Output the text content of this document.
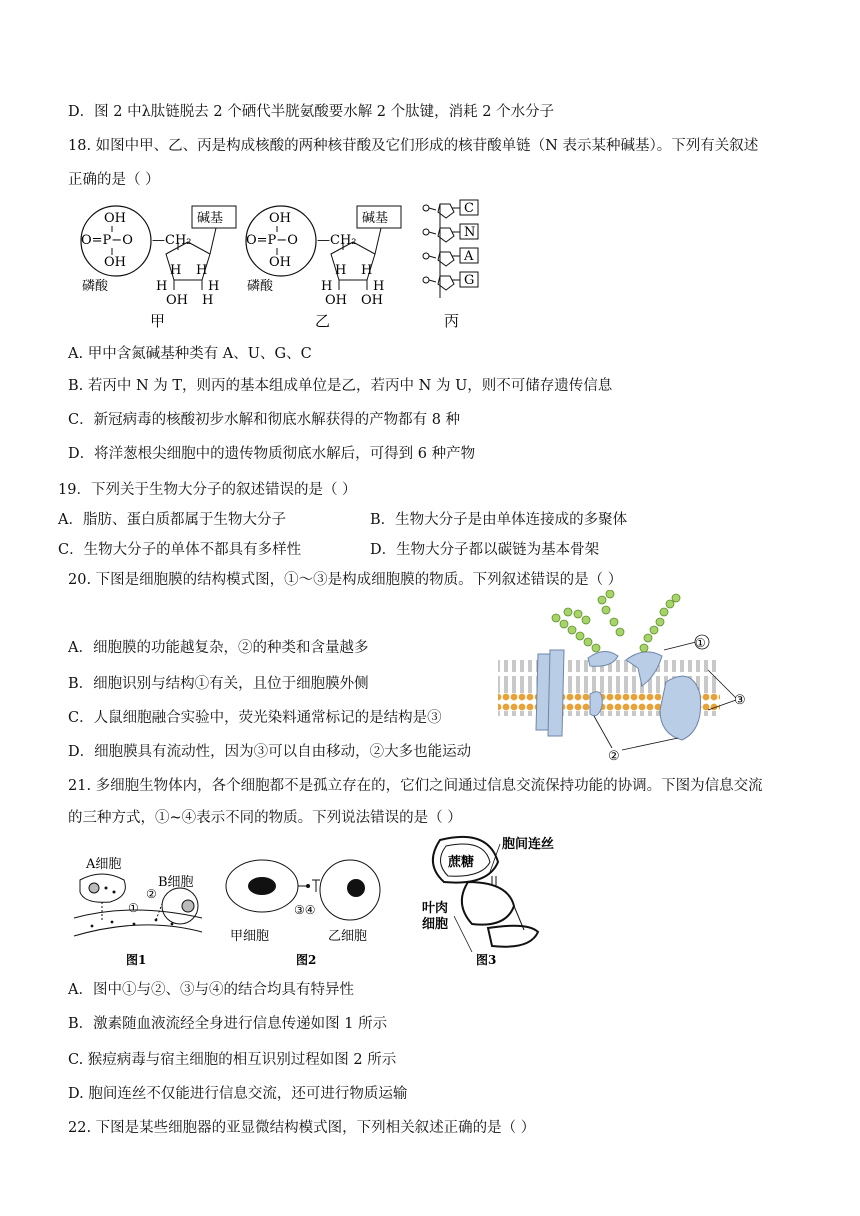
D．图 2 中λ肽链脱去 2 个硒代半胱氨酸要水解 2 个肽键，消耗 2 个水分子
18. 如图中甲、乙、丙是构成核酸的两种核苷酸及它们形成的核苷酸单链（N 表示某种碱基）。下列有关叙述
正确的是（ ）
OH
O=P−O
OH
—CH₂
碱基
H H
H	H
OH H
磷酸
甲
OH
O=P−O
OH
—CH₂
碱基
H H
H	H
OH OH
磷酸
乙
C
N
A
G
丙
A. 甲中含氮碱基种类有 A、U、G、C
B. 若丙中 N 为 T，则丙的基本组成单位是乙，若丙中 N 为 U，则不可储存遗传信息
C．新冠病毒的核酸初步水解和彻底水解获得的产物都有 8 种
D．将洋葱根尖细胞中的遗传物质彻底水解后，可得到 6 种产物
19．下列关于生物大分子的叙述错误的是（ ）
A．脂肪、蛋白质都属于生物大分子	B．生物大分子是由单体连接成的多聚体
C．生物大分子的单体不都具有多样性	D．生物大分子都以碳链为基本骨架
20. 下图是细胞膜的结构模式图，①～③是构成细胞膜的物质。下列叙述错误的是（ ）
A．细胞膜的功能越复杂，②的种类和含量越多
B．细胞识别与结构①有关，且位于细胞膜外侧
C．人鼠细胞融合实验中，荧光染料通常标记的是结构是③
D．细胞膜具有流动性，因为③可以自由移动，②大多也能运动
①
③
②
21. 多细胞生物体内，各个细胞都不是孤立存在的，它们之间通过信息交流保持功能的协调。下图为信息交流
的三种方式，①~④表示不同的物质。下列说法错误的是（ ）
A细胞
B细胞
②
①
图1
③④
甲细胞	乙细胞
图2
蔗糖
胞间连丝
叶肉
细胞
图3
A．图中①与②、③与④的结合均具有特异性
B．激素随血液流经全身进行信息传递如图 1 所示
C. 猴痘病毒与宿主细胞的相互识别过程如图 2 所示
D. 胞间连丝不仅能进行信息交流，还可进行物质运输
22. 下图是某些细胞器的亚显微结构模式图，下列相关叙述正确的是（ ）
